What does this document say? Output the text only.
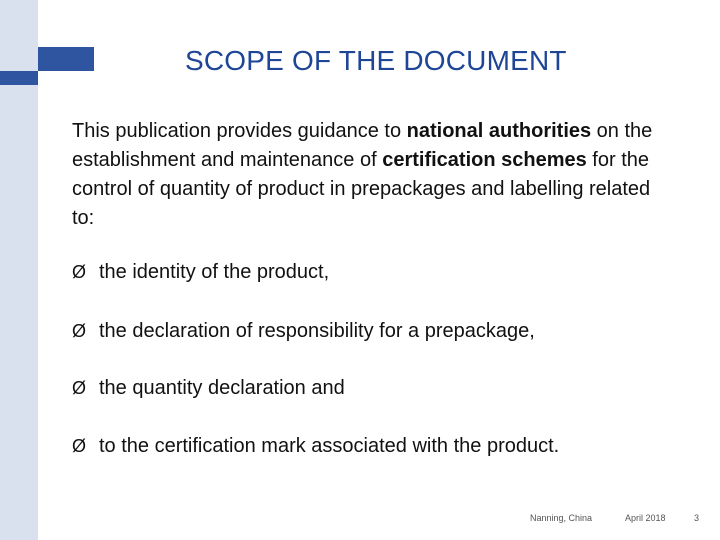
SCOPE OF THE DOCUMENT
This publication provides guidance to national authorities on the establishment and maintenance of certification schemes for the control of quantity of product in prepackages and labelling related to:
Ø the identity of the product,
Ø the declaration of responsibility for a prepackage,
Ø the quantity declaration and
Ø to the certification mark associated with the product.
Nanning, China	April 2018	3
